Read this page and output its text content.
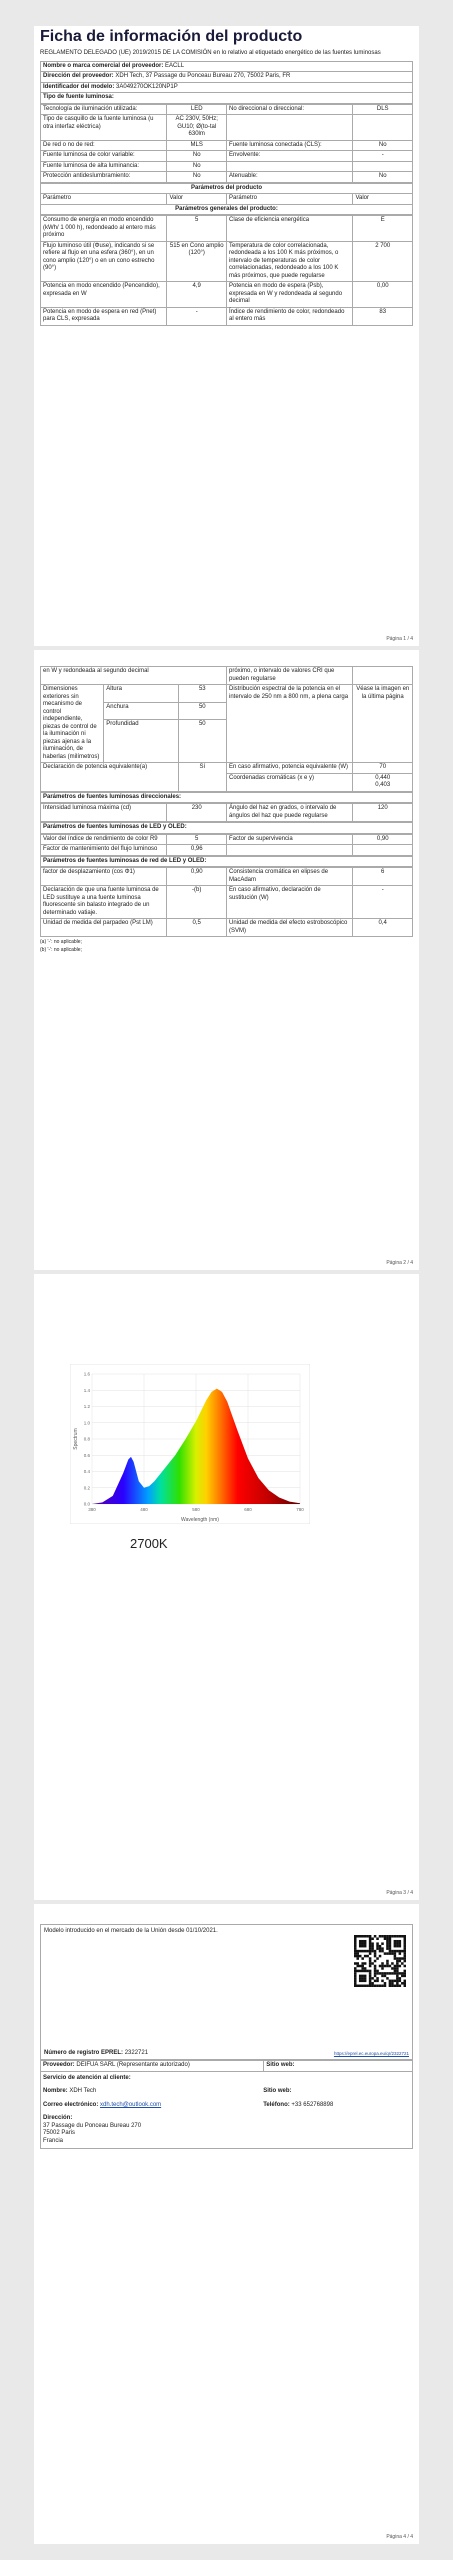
Ficha de información del producto
REGLAMENTO DELEGADO (UE) 2019/2015 DE LA COMISIÓN en lo relativo al etiquetado energético de las fuentes luminosas
Nombre o marca comercial del proveedor: EACLL
Dirección del proveedor: XDH Tech, 37 Passage du Ponceau Bureau 270, 75002 Paris, FR
Identificador del modelo: 3A049270OK120NP1P
Tipo de fuente luminosa:
Tecnología de iluminación utilizada:	LED	No direccional o direccional:	DLS
Tipo de casquillo de la fuente luminosa (u otra interfaz eléctrica)	AC 230V, 50Hz; GU10; Ø(to-tal 630lm		
De red o no de red:	MLS	Fuente luminosa conectada (CLS):	No
Fuente luminosa de color variable:	No	Envolvente:	-
Fuente luminosa de alta luminancia:	No		
Protección antideslumbramiento:	No	Atenuable:	No
Parámetros del producto
Parámetro	Valor	Parámetro	Valor
Parámetros generales del producto:
Consumo de energía en modo encendido (kWh/ 1 000 h), redondeado al entero más próximo	5	Clase de eficiencia energética	E
Flujo luminoso útil (Φuse), indicando si se refiere al flujo en una esfera (360°), en un cono amplio (120°) o en un cono estrecho (90°)	515 en Cono amplio (120°)	Temperatura de color correlacionada, redondeada a los 100 K más próximos, o intervalo de temperaturas de color correlacionadas, redondeado a los 100 K más próximos, que puede regularse	2 700
Potencia en modo encendido (Pencendido), expresada en W	4,9	Potencia en modo de espera (Psb), expresada en W y redondeada al segundo decimal	0,00
Potencia en modo de espera en red (Pnet) para CLS, expresada	-	Índice de rendimiento de color, redondeado al entero más	83
Página 1 / 4
en W y redondeada al segundo decimal			próximo, o intervalo de valores CRI que pueden regularse	
Dimensiones exteriores sin mecanismo de control independiente, piezas de control de la iluminación ni piezas ajenas a la iluminación, de haberlas (milímetros)	Altura	53	Distribución espectral de la potencia en el intervalo de 250 nm a 800 nm, a plena carga	Véase la imagen en la última página
	Anchura	50		
	Profundidad	50		
Declaración de potencia equivalente(a)		Sí	En caso afirmativo, potencia equivalente (W)	70
			Coordenadas cromáticas (x e y)	0,440
0,403
Parámetros de fuentes luminosas direccionales:
Intensidad luminosa máxima (cd)	230	Ángulo del haz en grados, o intervalo de ángulos del haz que puede regularse	120
Parámetros de fuentes luminosas de LED y OLED:
Valor del índice de rendimiento de color R9	5	Factor de supervivencia	0,90
Factor de mantenimiento del flujo luminoso	0,96		
Parámetros de fuentes luminosas de red de LED y OLED:
factor de desplazamiento (cos Φ1)	0,90	Consistencia cromática en elipses de MacAdam	6
Declaración de que una fuente luminosa de LED sustituye a una fuente luminosa fluorescente sin balasto integrado de un determinado vatiaje.	-(b)	En caso afirmativo, declaración de sustitución (W)	-
Unidad de medida del parpadeo (Pst LM)	0,5	Unidad de medida del efecto estroboscópico (SVM)	0,4
(a) '-': no aplicable;
(b) '-': no aplicable;
Página 2 / 4
0.0
0.2
0.4
0.6
0.8
1.0
1.2
1.4
1.6
380	480	580	680	780
Wavelength (nm)
Spectrum
2700K
Página 3 / 4
Modelo introducido en el mercado de la Unión desde 01/10/2021.
Número de registro EPREL: 2322721	https://eprel.ec.europa.eu/qr/2322721
Proveedor: DEIFUA SARL (Representante autorizado)	Sitio web:

Servicio de atención al cliente:
Nombre: XDH Tech	Sitio web:
Correo electrónico: xdh.tech@outlook.com	Teléfono: +33 652768898
Dirección:
37 Passage du Ponceau Bureau 270
75002 Paris
Francia
Página 4 / 4
